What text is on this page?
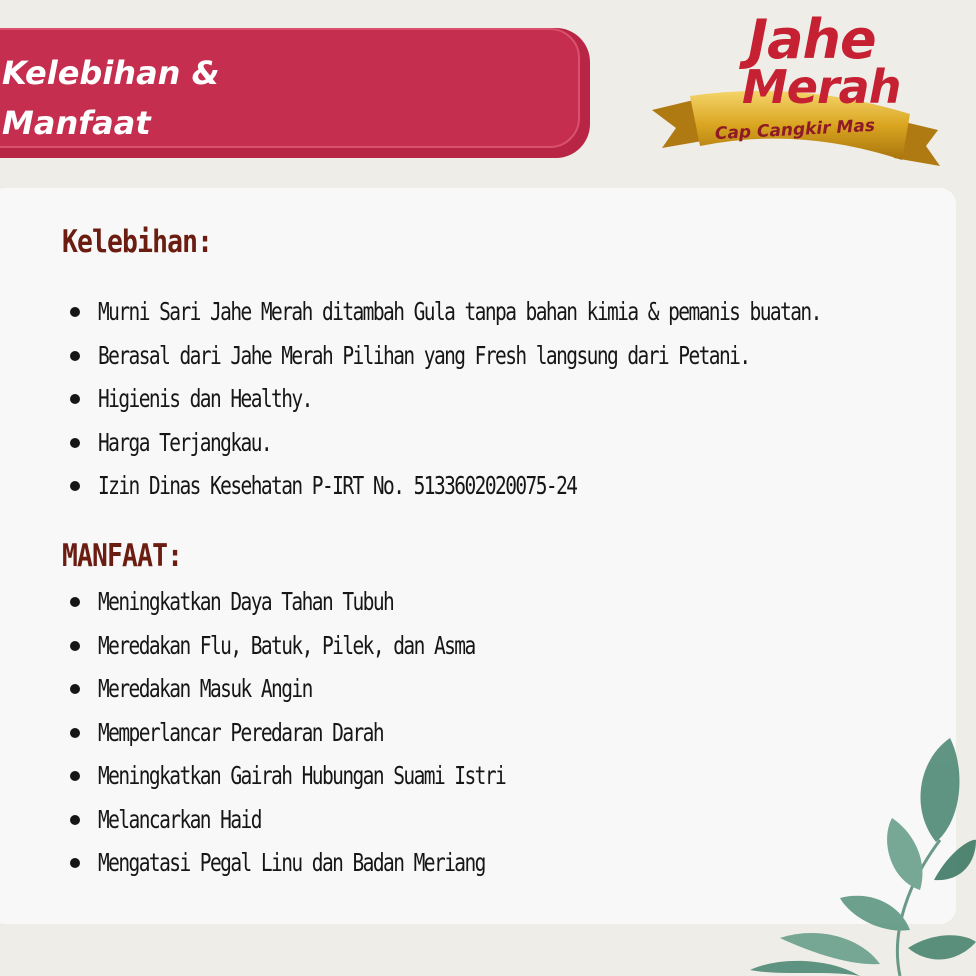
Kelebihan &
Manfaat
Jahe
Merah
Cap Cangkir Mas
Kelebihan:
Murni Sari Jahe Merah ditambah Gula tanpa bahan kimia & pemanis buatan.
Berasal dari Jahe Merah Pilihan yang Fresh langsung dari Petani.
Higienis dan Healthy.
Harga Terjangkau.
Izin Dinas Kesehatan P-IRT No. 5133602020075-24
MANFAAT:
Meningkatkan Daya Tahan Tubuh
Meredakan Flu, Batuk, Pilek, dan Asma
Meredakan Masuk Angin
Memperlancar Peredaran Darah
Meningkatkan Gairah Hubungan Suami Istri
Melancarkan Haid
Mengatasi Pegal Linu dan Badan Meriang
